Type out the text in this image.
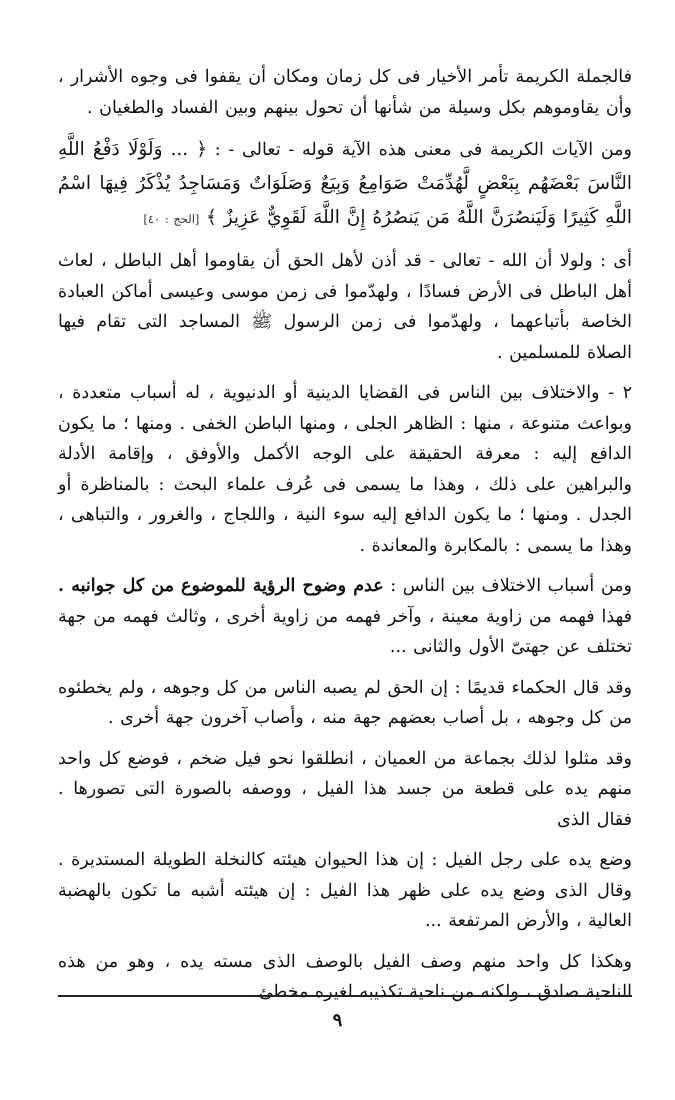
فالجملة الكريمة تأمر الأخيار فى كل زمان ومكان أن يقفوا فى وجوه الأشرار ، وأن يقاوموهم بكل وسيلة من شأنها أن تحول بينهم وبين الفساد والطغيان .

ومن الآيات الكريمة فى معنى هذه الآية قوله - تعالى - : ﴿ ... وَلَوْلَا دَفْعُ اللَّهِ النَّاسَ بَعْضَهُم بِبَعْضٍ لَّهُدِّمَتْ صَوَامِعُ وَبِيَعٌ وَصَلَوَاتٌ وَمَسَاجِدُ يُذْكَرُ فِيهَا اسْمُ اللَّهِ كَثِيرًا وَلَيَنصُرَنَّ اللَّهُ مَن يَنصُرُهُ إِنَّ اللَّهَ لَقَوِيٌّ عَزِيزٌ ﴾ [الحج : ٤٠]

أى : ولولا أن الله - تعالى - قد أذن لأهل الحق أن يقاوموا أهل الباطل ، لعاث أهل الباطل فى الأرض فسادًا ، ولهدّموا فى زمن موسى وعيسى أماكن العبادة الخاصة بأتباعهما ، ولهدّموا فى زمن الرسول ﷺ المساجد التى تقام فيها الصلاة للمسلمين .

٢ - والاختلاف بين الناس فى القضايا الدينية أو الدنيوية ، له أسباب متعددة ، وبواعث متنوعة ، منها : الظاهر الجلى ، ومنها الباطن الخفى . ومنها ؛ ما يكون الدافع إليه : معرفة الحقيقة على الوجه الأكمل والأوفق ، وإقامة الأدلة والبراهين على ذلك ، وهذا ما يسمى فى عُرف علماء البحث : بالمناظرة أو الجدل . ومنها ؛ ما يكون الدافع إليه سوء النية ، واللجاج ، والغرور ، والتباهى ، وهذا ما يسمى : بالمكابرة والمعاندة .

ومن أسباب الاختلاف بين الناس : عدم وضوح الرؤية للموضوع من كل جوانبه . فهذا فهمه من زاوية معينة ، وآخر فهمه من زاوية أخرى ، وثالث فهمه من جهة تختلف عن جهتىّ الأول والثانى ...

وقد قال الحكماء قديمًا : إن الحق لم يصبه الناس من كل وجوهه ، ولم يخطئوه من كل وجوهه ، بل أصاب بعضهم جهة منه ، وأصاب آخرون جهة أخرى .

وقد مثلوا لذلك بجماعة من العميان ، انطلقوا نحو فيل ضخم ، فوضع كل واحد منهم يده على قطعة من جسد هذا الفيل ، ووصفه بالصورة التى تصورها . فقال الذى

وضع يده على رجل الفيل : إن هذا الحيوان هيئته كالنخلة الطويلة المستديرة . وقال الذى وضع يده على ظهر هذا الفيل : إن هيئته أشبه ما تكون بالهضبة العالية ، والأرض المرتفعة ...

وهكذا كل واحد منهم وصف الفيل بالوصف الذى مسته يده ، وهو من هذه الناحية صادق ، ولكنه من ناحية تكذيبه لغيره مخطئ .

٩
